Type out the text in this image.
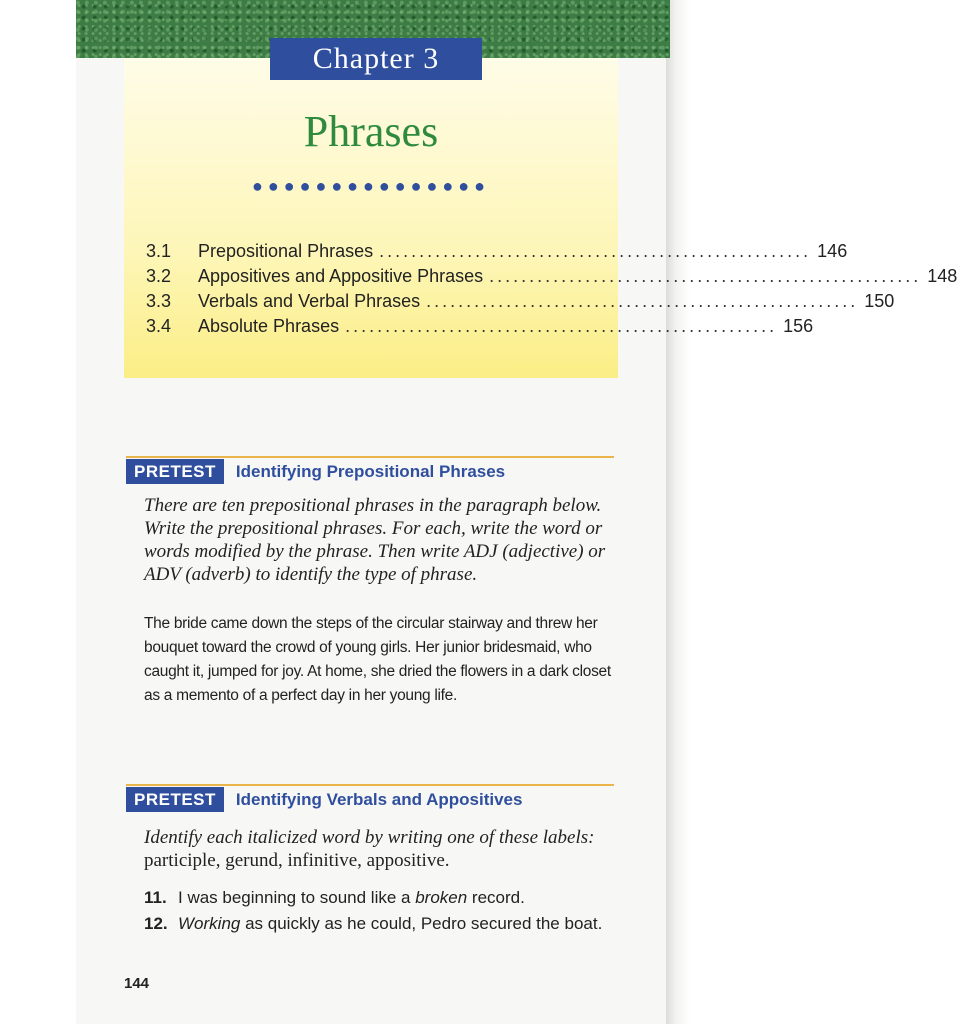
Chapter 3
Phrases
●●●●●●●●●●●●●●●
3.1	Prepositional Phrases ...................................................... 146
3.2	Appositives and Appositive Phrases ...................................................... 148
3.3	Verbals and Verbal Phrases ...................................................... 150
3.4	Absolute Phrases ...................................................... 156
PRETEST	Identifying Prepositional Phrases
There are ten prepositional phrases in the paragraph below. Write the prepositional phrases. For each, write the word or words modified by the phrase. Then write ADJ (adjective) or ADV (adverb) to identify the type of phrase.
The bride came down the steps of the circular stairway and threw her bouquet toward the crowd of young girls. Her junior bridesmaid, who caught it, jumped for joy. At home, she dried the flowers in a dark closet as a memento of a perfect day in her young life.
PRETEST	Identifying Verbals and Appositives
Identify each italicized word by writing one of these labels: participle, gerund, infinitive, appositive.
11. I was beginning to sound like a broken record.
12. Working as quickly as he could, Pedro secured the boat.
144
